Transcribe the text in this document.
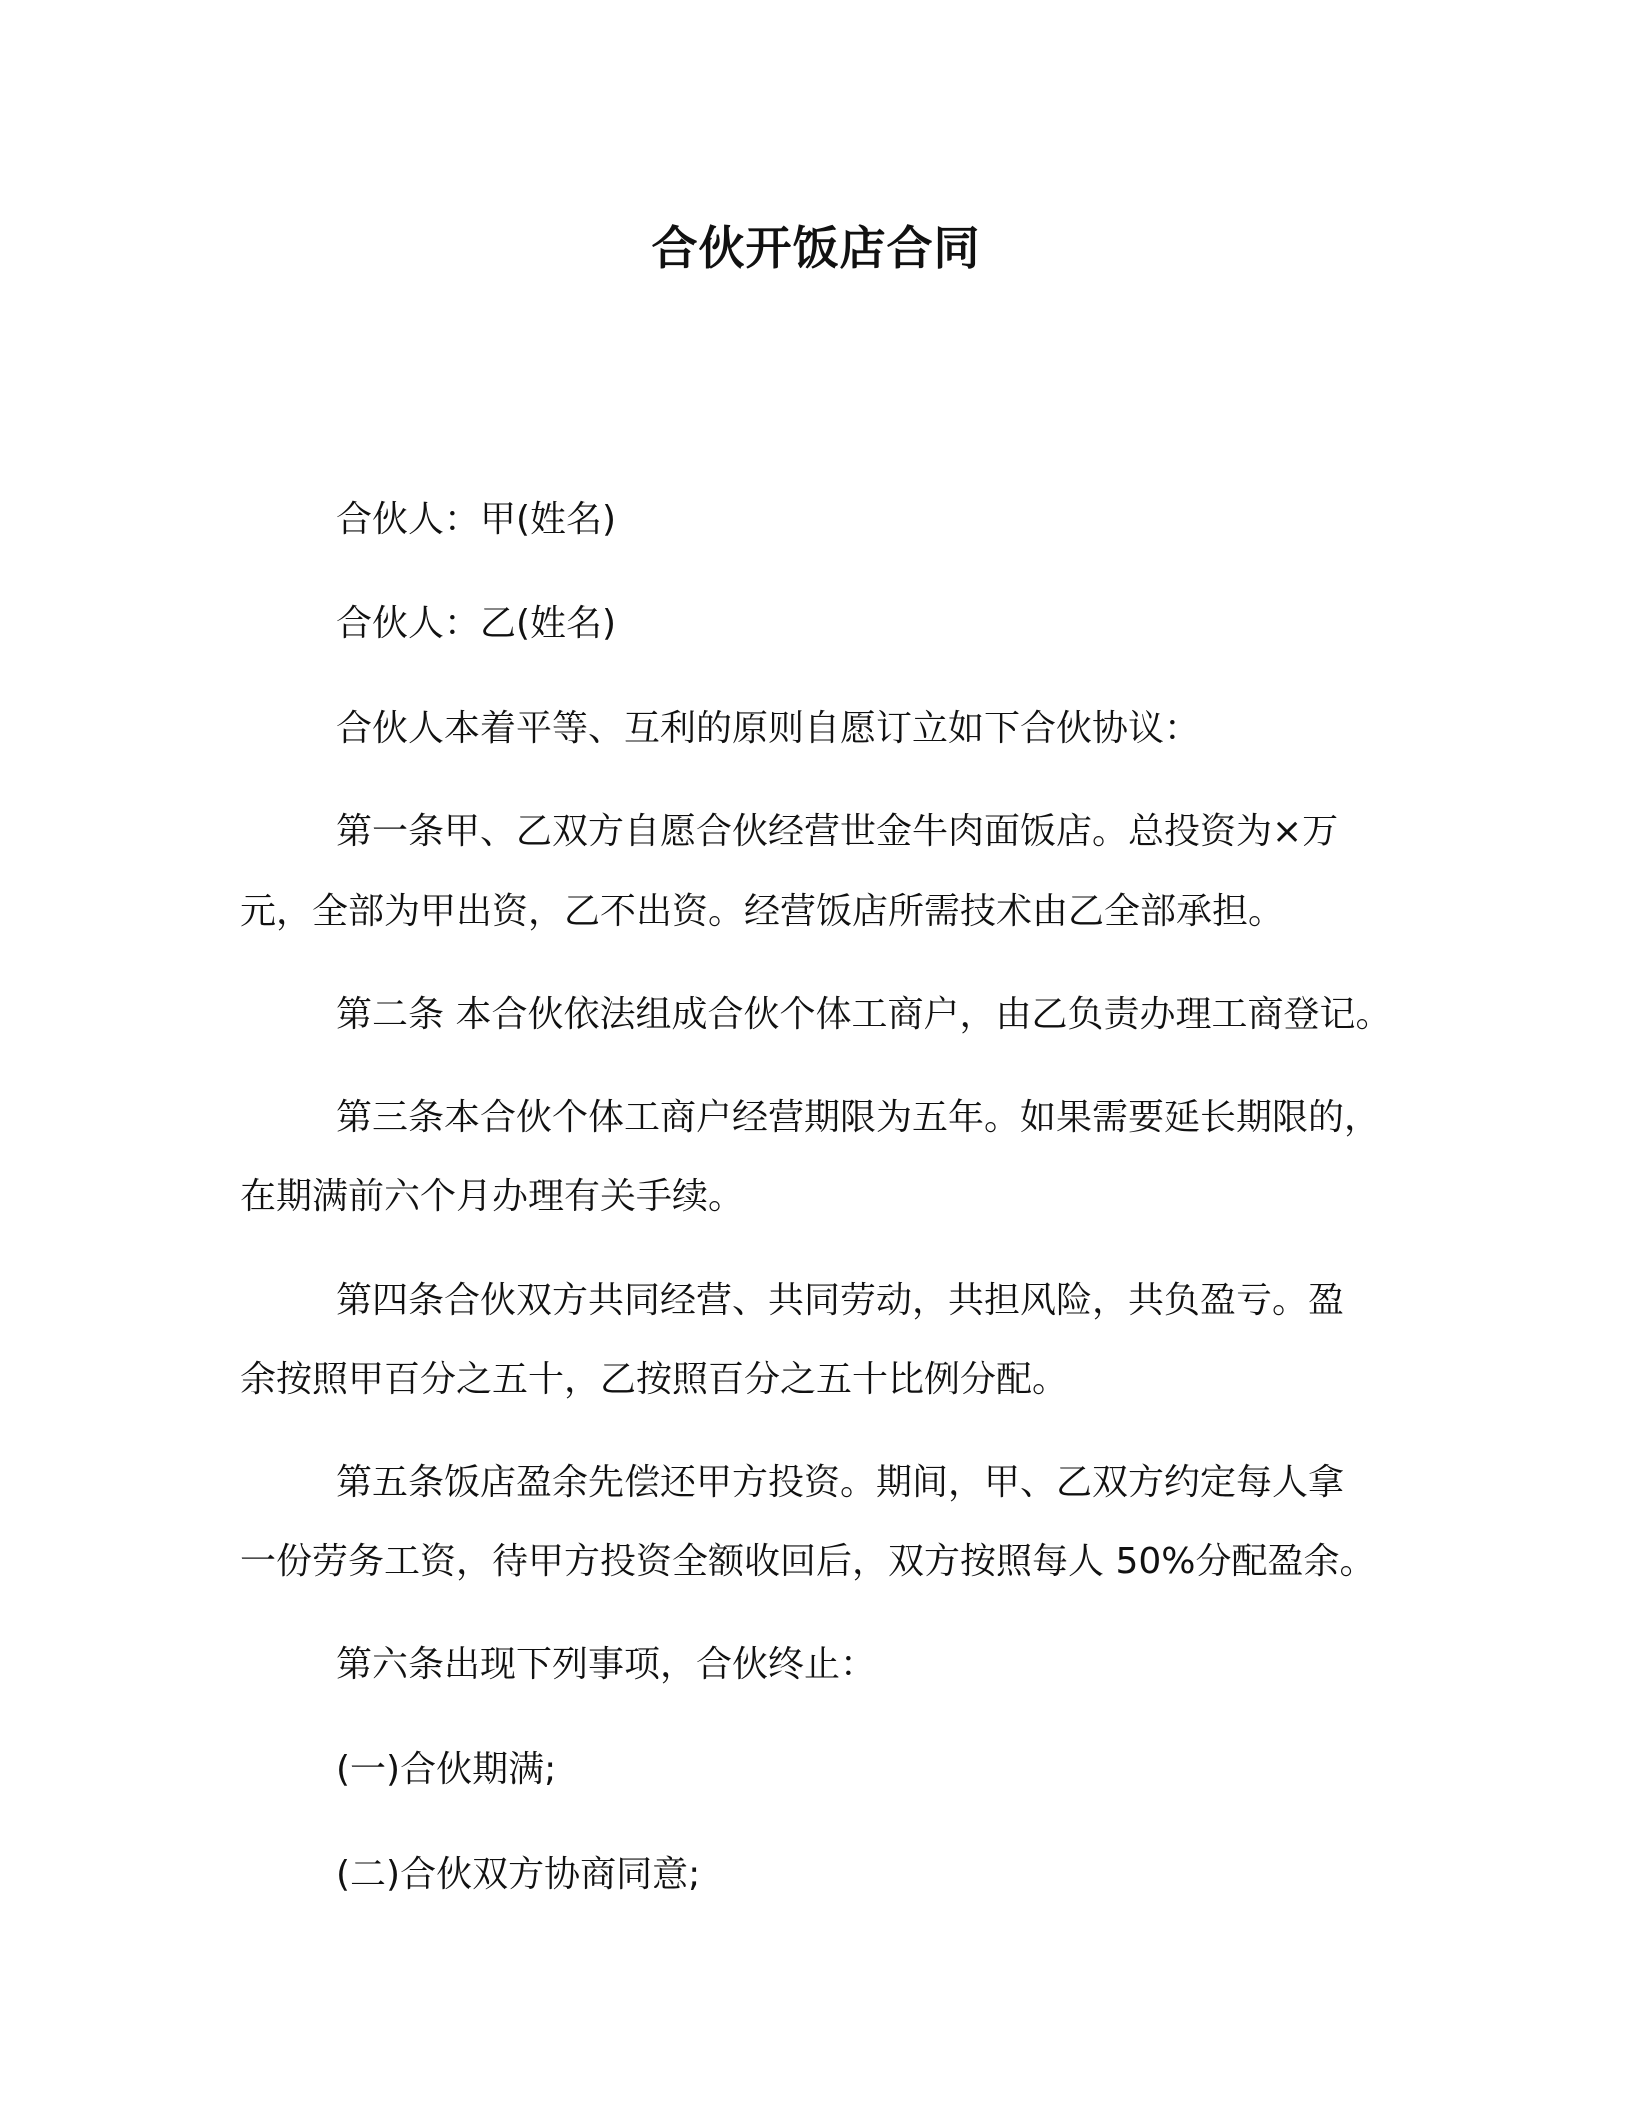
合伙开饭店合同
合伙人：甲(姓名)
合伙人：乙(姓名)
合伙人本着平等、互利的原则自愿订立如下合伙协议：
第一条甲、乙双方自愿合伙经营世金牛肉面饭店。总投资为×万
元，全部为甲出资，乙不出资。经营饭店所需技术由乙全部承担。
第二条 本合伙依法组成合伙个体工商户，由乙负责办理工商登记。
第三条本合伙个体工商户经营期限为五年。如果需要延长期限的，
在期满前六个月办理有关手续。
第四条合伙双方共同经营、共同劳动，共担风险，共负盈亏。盈
余按照甲百分之五十，乙按照百分之五十比例分配。
第五条饭店盈余先偿还甲方投资。期间，甲、乙双方约定每人拿
一份劳务工资，待甲方投资全额收回后，双方按照每人 50%分配盈余。
第六条出现下列事项，合伙终止：
(一)合伙期满;
(二)合伙双方协商同意;
